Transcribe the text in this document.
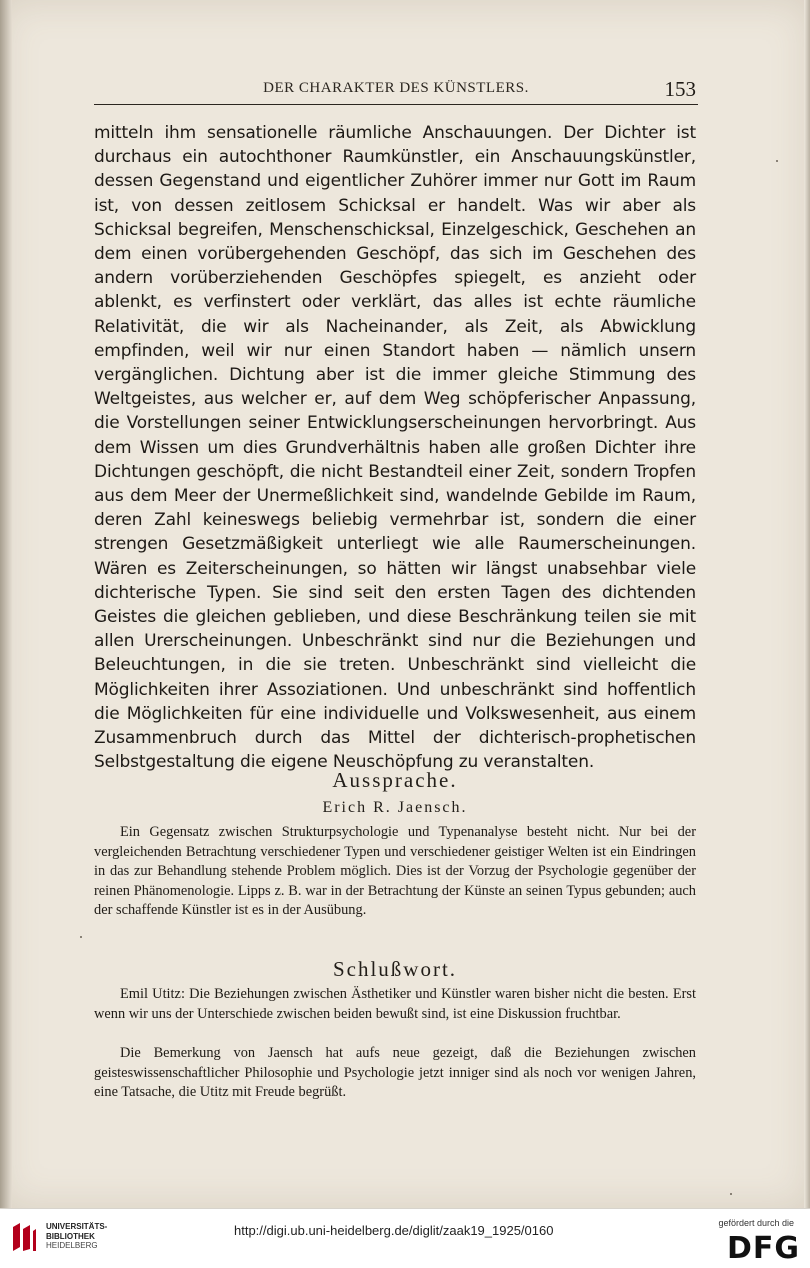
DER CHARAKTER DES KÜNSTLERS.	153
mitteln ihm sensationelle räumliche Anschauungen. Der Dichter ist durchaus ein autochthoner Raumkünstler, ein Anschauungskünstler, dessen Gegenstand und eigentlicher Zuhörer immer nur Gott im Raum ist, von dessen zeitlosem Schicksal er handelt. Was wir aber als Schicksal begreifen, Menschenschicksal, Einzelgeschick, Geschehen an dem einen vorübergehenden Geschöpf, das sich im Geschehen des andern vorüberziehenden Geschöpfes spiegelt, es anzieht oder ablenkt, es verfinstert oder verklärt, das alles ist echte räumliche Relativität, die wir als Nacheinander, als Zeit, als Abwicklung empfinden, weil wir nur einen Standort haben — nämlich unsern vergänglichen. Dichtung aber ist die immer gleiche Stimmung des Weltgeistes, aus welcher er, auf dem Weg schöpferischer Anpassung, die Vorstellungen seiner Entwicklungserscheinungen hervorbringt. Aus dem Wissen um dies Grundverhältnis haben alle großen Dichter ihre Dichtungen geschöpft, die nicht Bestandteil einer Zeit, sondern Tropfen aus dem Meer der Unermeßlichkeit sind, wandelnde Gebilde im Raum, deren Zahl keineswegs beliebig vermehrbar ist, sondern die einer strengen Gesetzmäßigkeit unterliegt wie alle Raumerscheinungen. Wären es Zeiterscheinungen, so hätten wir längst unabsehbar viele dichterische Typen. Sie sind seit den ersten Tagen des dichtenden Geistes die gleichen geblieben, und diese Beschränkung teilen sie mit allen Urerscheinungen. Unbeschränkt sind nur die Beziehungen und Beleuchtungen, in die sie treten. Unbeschränkt sind vielleicht die Möglichkeiten ihrer Assoziationen. Und unbeschränkt sind hoffentlich die Möglichkeiten für eine individuelle und Volkswesenheit, aus einem Zusammenbruch durch das Mittel der dichterisch-prophetischen Selbstgestaltung die eigene Neuschöpfung zu veranstalten.
Aussprache.
Erich R. Jaensch.
Ein Gegensatz zwischen Strukturpsychologie und Typenanalyse besteht nicht. Nur bei der vergleichenden Betrachtung verschiedener Typen und verschiedener geistiger Welten ist ein Eindringen in das zur Behandlung stehende Problem möglich. Dies ist der Vorzug der Psychologie gegenüber der reinen Phänomenologie. Lipps z. B. war in der Betrachtung der Künste an seinen Typus gebunden; auch der schaffende Künstler ist es in der Ausübung.
Schlußwort.
Emil Utitz: Die Beziehungen zwischen Ästhetiker und Künstler waren bisher nicht die besten. Erst wenn wir uns der Unterschiede zwischen beiden bewußt sind, ist eine Diskussion fruchtbar.
Die Bemerkung von Jaensch hat aufs neue gezeigt, daß die Beziehungen zwischen geisteswissenschaftlicher Philosophie und Psychologie jetzt inniger sind als noch vor wenigen Jahren, eine Tatsache, die Utitz mit Freude begrüßt.
UNIVERSITÄTS-
BIBLIOTHEK
HEIDELBERG
http://digi.ub.uni-heidelberg.de/diglit/zaak19_1925/0160	gefördert durch die
DFG
